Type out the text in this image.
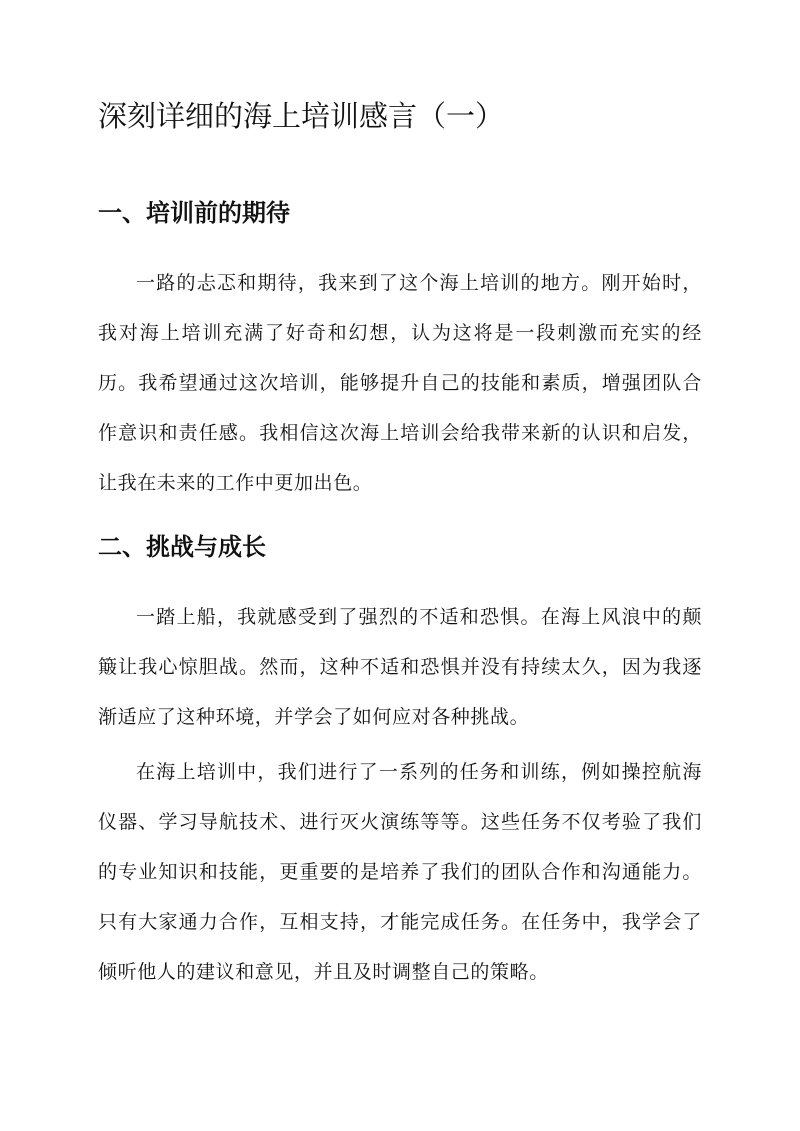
深刻详细的海上培训感言（一）
一、培训前的期待

一路的忐忑和期待，我来到了这个海上培训的地方。刚开始时，我对海上培训充满了好奇和幻想，认为这将是一段刺激而充实的经历。我希望通过这次培训，能够提升自己的技能和素质，增强团队合作意识和责任感。我相信这次海上培训会给我带来新的认识和启发，让我在未来的工作中更加出色。

二、挑战与成长

一踏上船，我就感受到了强烈的不适和恐惧。在海上风浪中的颠簸让我心惊胆战。然而，这种不适和恐惧并没有持续太久，因为我逐渐适应了这种环境，并学会了如何应对各种挑战。

在海上培训中，我们进行了一系列的任务和训练，例如操控航海仪器、学习导航技术、进行灭火演练等等。这些任务不仅考验了我们的专业知识和技能，更重要的是培养了我们的团队合作和沟通能力。只有大家通力合作，互相支持，才能完成任务。在任务中，我学会了倾听他人的建议和意见，并且及时调整自己的策略。
